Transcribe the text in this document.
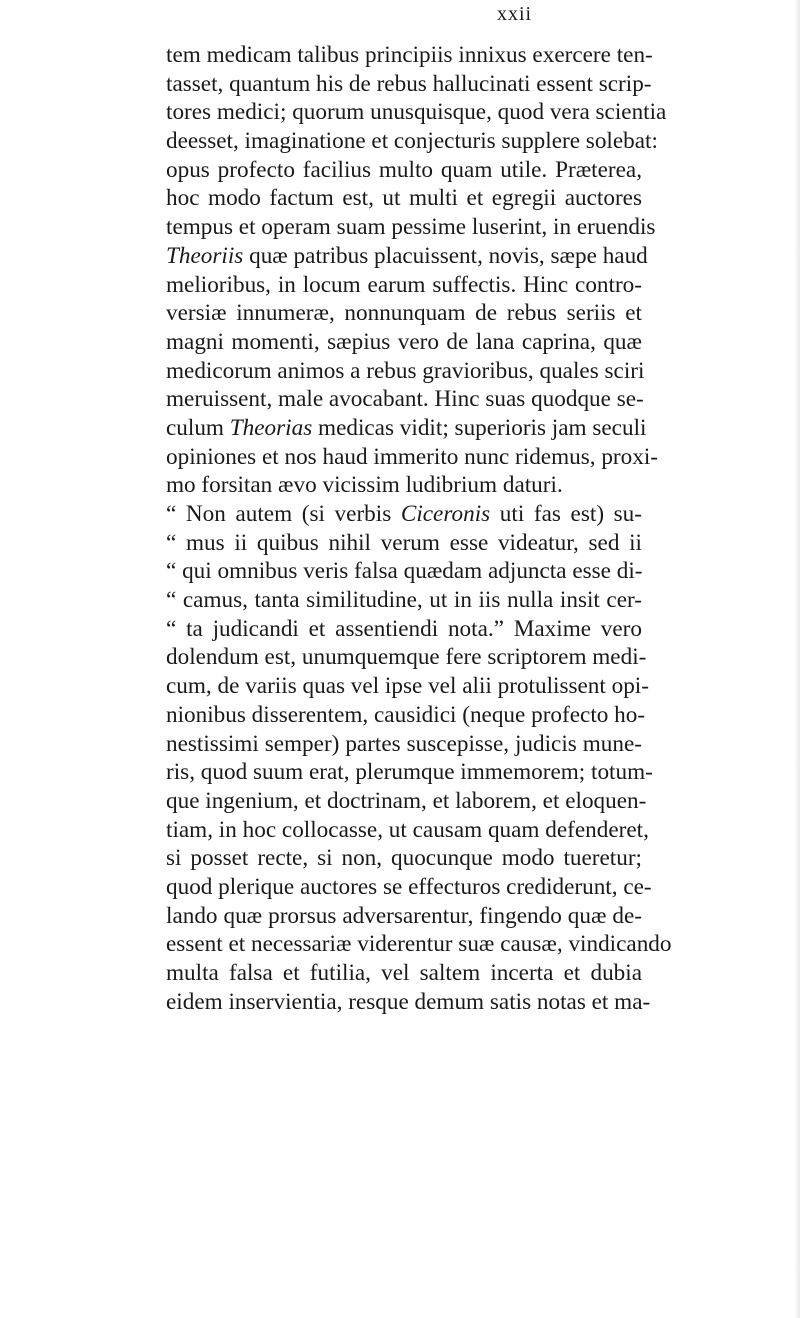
xxii
tem medicam talibus principiis innixus exercere ten-
tasset, quantum his de rebus hallucinati essent scrip-
tores medici; quorum unusquisque, quod vera scientia
deesset, imaginatione et conjecturis supplere solebat:
opus profecto facilius multo quam utile. Præterea,
hoc modo factum est, ut multi et egregii auctores
tempus et operam suam pessime luserint, in eruendis
Theoriis quæ patribus placuissent, novis, sæpe haud
melioribus, in locum earum suffectis. Hinc contro-
versiæ innumeræ, nonnunquam de rebus seriis et
magni momenti, sæpius vero de lana caprina, quæ
medicorum animos a rebus gravioribus, quales sciri
meruissent, male avocabant. Hinc suas quodque se-
culum Theorias medicas vidit; superioris jam seculi
opiniones et nos haud immerito nunc ridemus, proxi-
mo forsitan ævo vicissim ludibrium daturi.
“ Non autem (si verbis Ciceronis uti fas est) su-
“ mus ii quibus nihil verum esse videatur, sed ii
“ qui omnibus veris falsa quædam adjuncta esse di-
“ camus, tanta similitudine, ut in iis nulla insit cer-
“ ta judicandi et assentiendi nota.” Maxime vero
dolendum est, unumquemque fere scriptorem medi-
cum, de variis quas vel ipse vel alii protulissent opi-
nionibus disserentem, causidici (neque profecto ho-
nestissimi semper) partes suscepisse, judicis mune-
ris, quod suum erat, plerumque immemorem; totum-
que ingenium, et doctrinam, et laborem, et eloquen-
tiam, in hoc collocasse, ut causam quam defenderet,
si posset recte, si non, quocunque modo tueretur;
quod plerique auctores se effecturos crediderunt, ce-
lando quæ prorsus adversarentur, fingendo quæ de-
essent et necessariæ viderentur suæ causæ, vindicando
multa falsa et futilia, vel saltem incerta et dubia
eidem inservientia, resque demum satis notas et ma-
